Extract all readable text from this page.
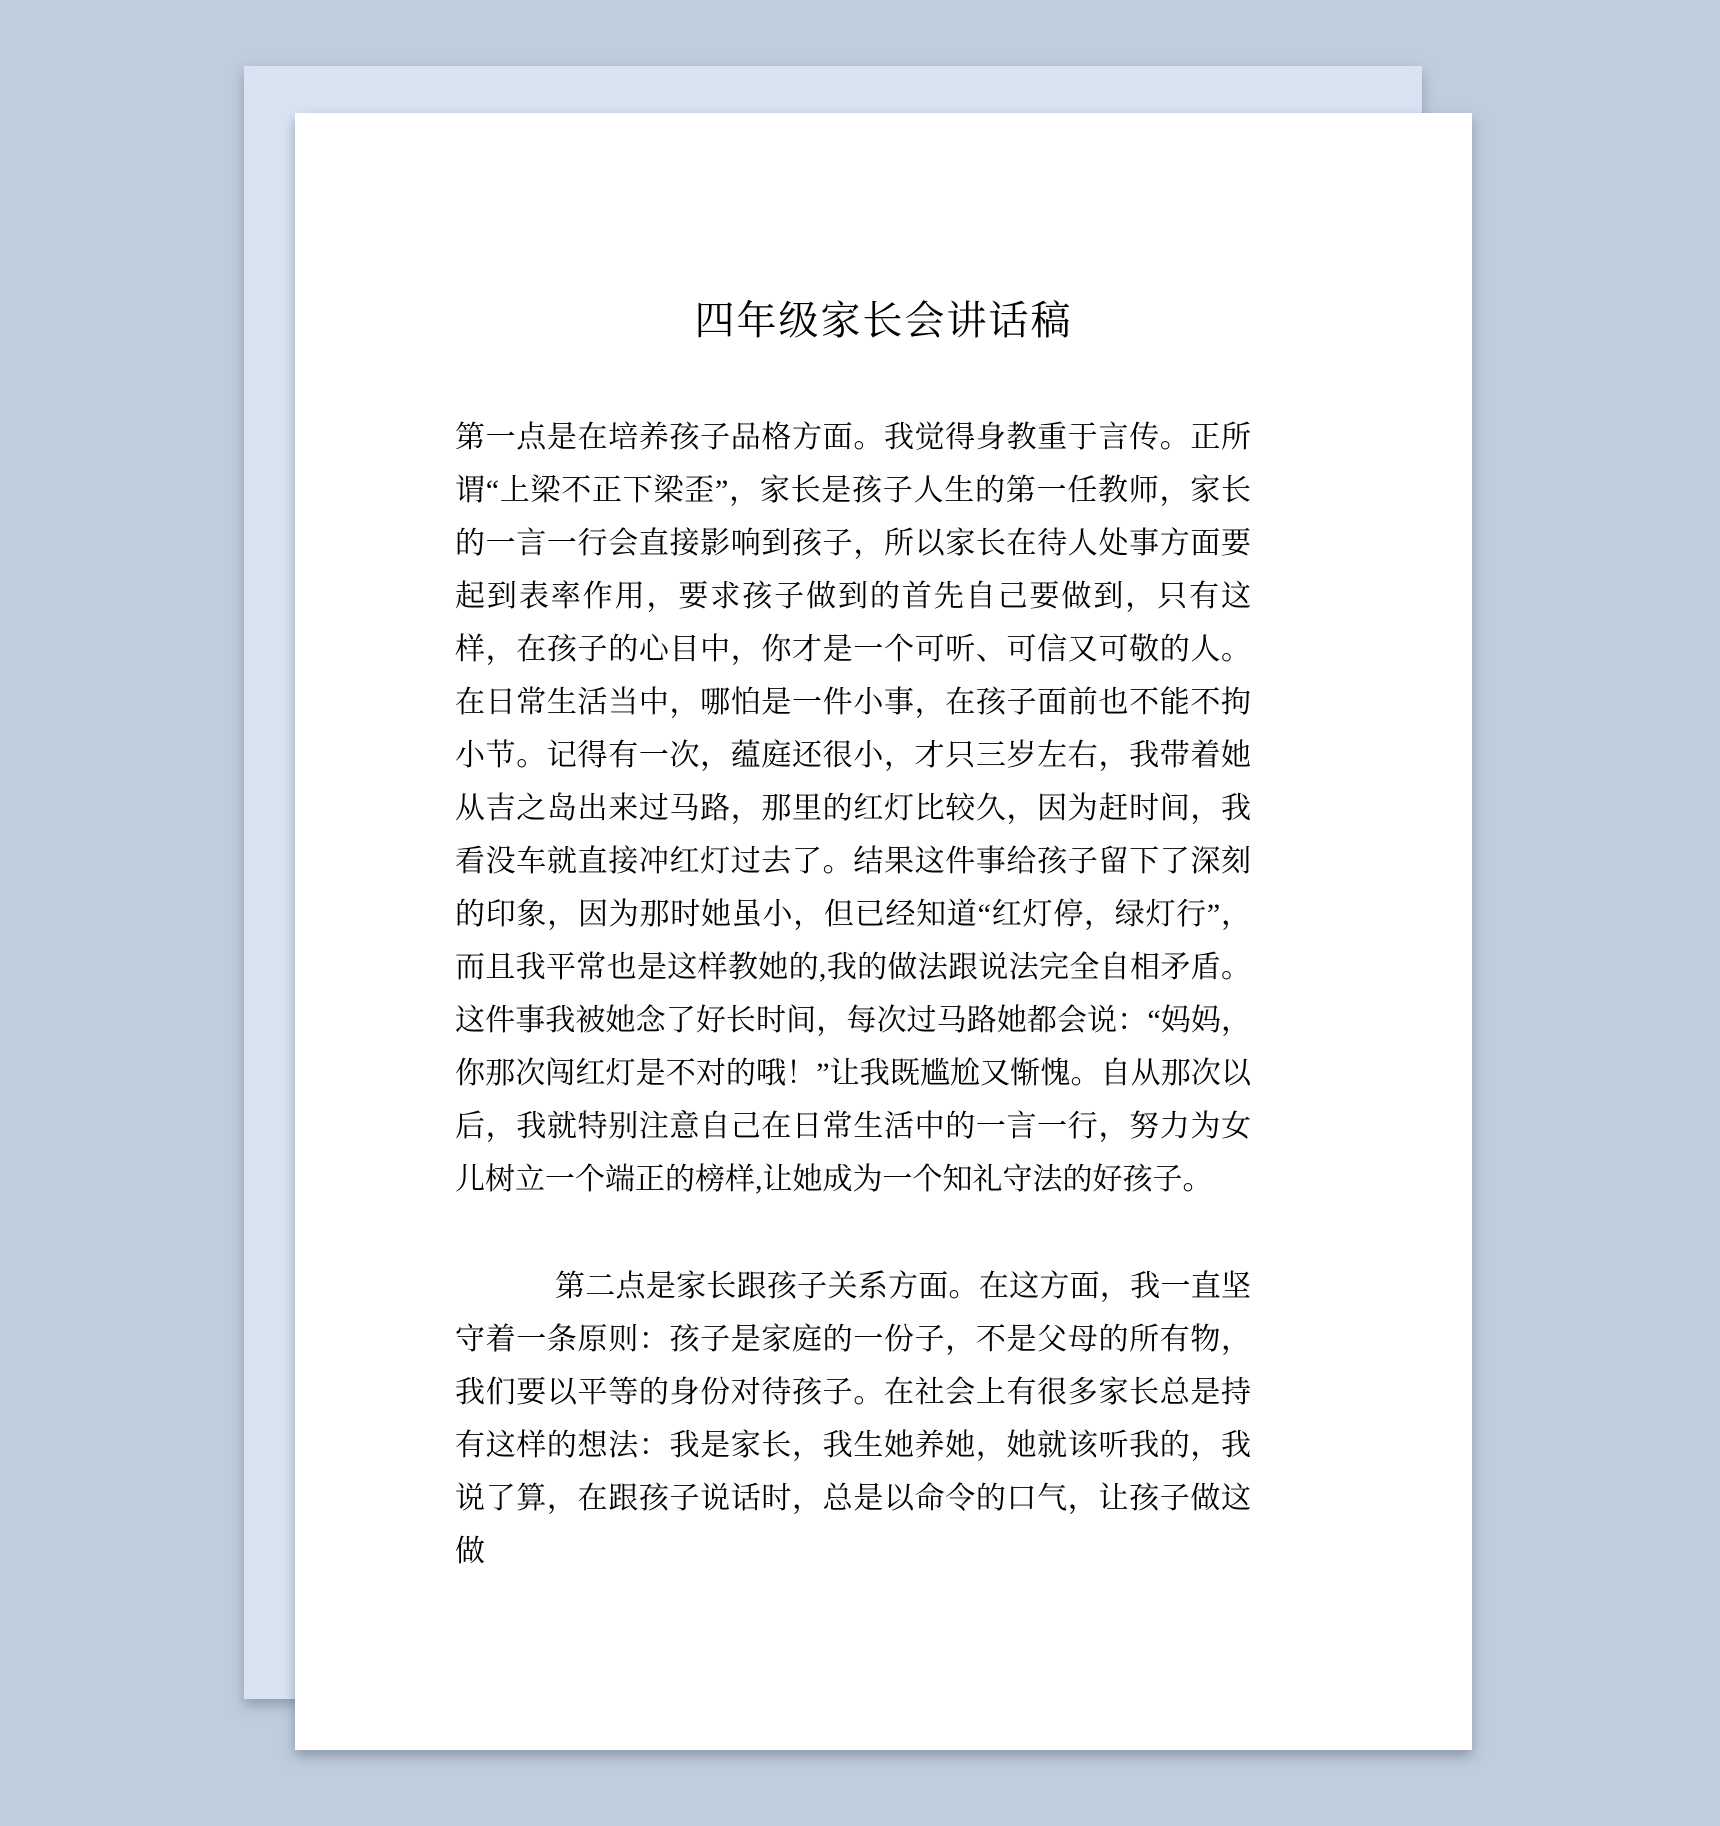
四年级家长会讲话稿

第一点是在培养孩子品格方面。我觉得身教重于言传。正所谓“上梁不正下梁歪”，家长是孩子人生的第一任教师，家长的一言一行会直接影响到孩子，所以家长在待人处事方面要起到表率作用，要求孩子做到的首先自己要做到，只有这样，在孩子的心目中，你才是一个可听、可信又可敬的人。在日常生活当中，哪怕是一件小事，在孩子面前也不能不拘小节。记得有一次，蕴庭还很小，才只三岁左右，我带着她从吉之岛出来过马路，那里的红灯比较久，因为赶时间，我看没车就直接冲红灯过去了。结果这件事给孩子留下了深刻的印象，因为那时她虽小，但已经知道“红灯停，绿灯行”，而且我平常也是这样教她的,我的做法跟说法完全自相矛盾。这件事我被她念了好长时间，每次过马路她都会说：“妈妈，你那次闯红灯是不对的哦！”让我既尴尬又惭愧。自从那次以后，我就特别注意自己在日常生活中的一言一行，努力为女儿树立一个端正的榜样,让她成为一个知礼守法的好孩子。

第二点是家长跟孩子关系方面。在这方面，我一直坚守着一条原则：孩子是家庭的一份子，不是父母的所有物，我们要以平等的身份对待孩子。在社会上有很多家长总是持有这样的想法：我是家长，我生她养她，她就该听我的，我说了算，在跟孩子说话时，总是以命令的口气，让孩子做这做
